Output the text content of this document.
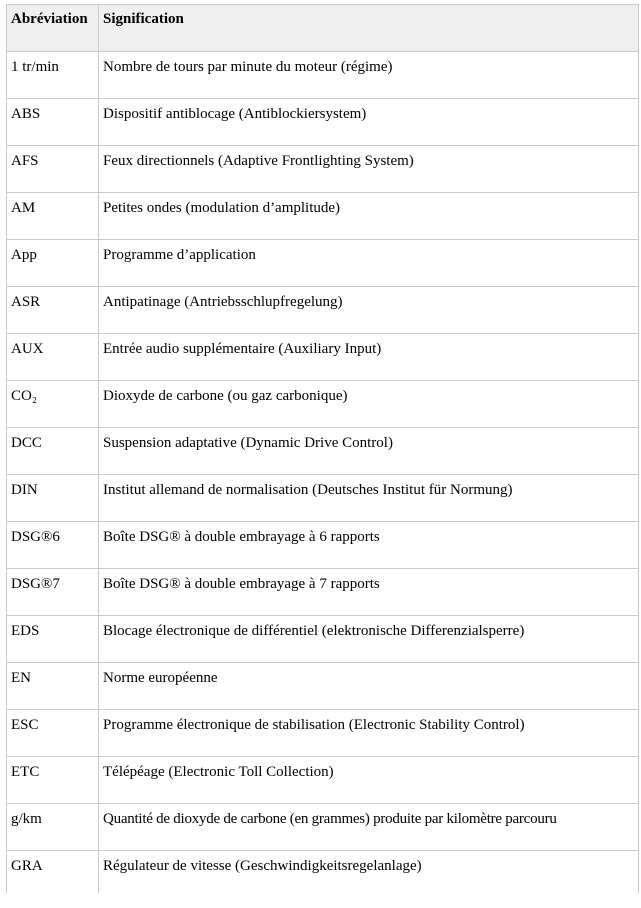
Abréviation	Signification
1 tr/min	Nombre de tours par minute du moteur (régime)
ABS	Dispositif antiblocage (Antiblockiersystem)
AFS	Feux directionnels (Adaptive Frontlighting System)
AM	Petites ondes (modulation d’amplitude)
App	Programme d’application
ASR	Antipatinage (Antriebsschlupfregelung)
AUX	Entrée audio supplémentaire (Auxiliary Input)
CO₂	Dioxyde de carbone (ou gaz carbonique)
DCC	Suspension adaptative (Dynamic Drive Control)
DIN	Institut allemand de normalisation (Deutsches Institut für Normung)
DSG®6	Boîte DSG® à double embrayage à 6 rapports
DSG®7	Boîte DSG® à double embrayage à 7 rapports
EDS	Blocage électronique de différentiel (elektronische Differenzialsperre)
EN	Norme européenne
ESC	Programme électronique de stabilisation (Electronic Stability Control)
ETC	Télépéage (Electronic Toll Collection)
g/km	Quantité de dioxyde de carbone (en grammes) produite par kilomètre parcouru
GRA	Régulateur de vitesse (Geschwindigkeitsregelanlage)
